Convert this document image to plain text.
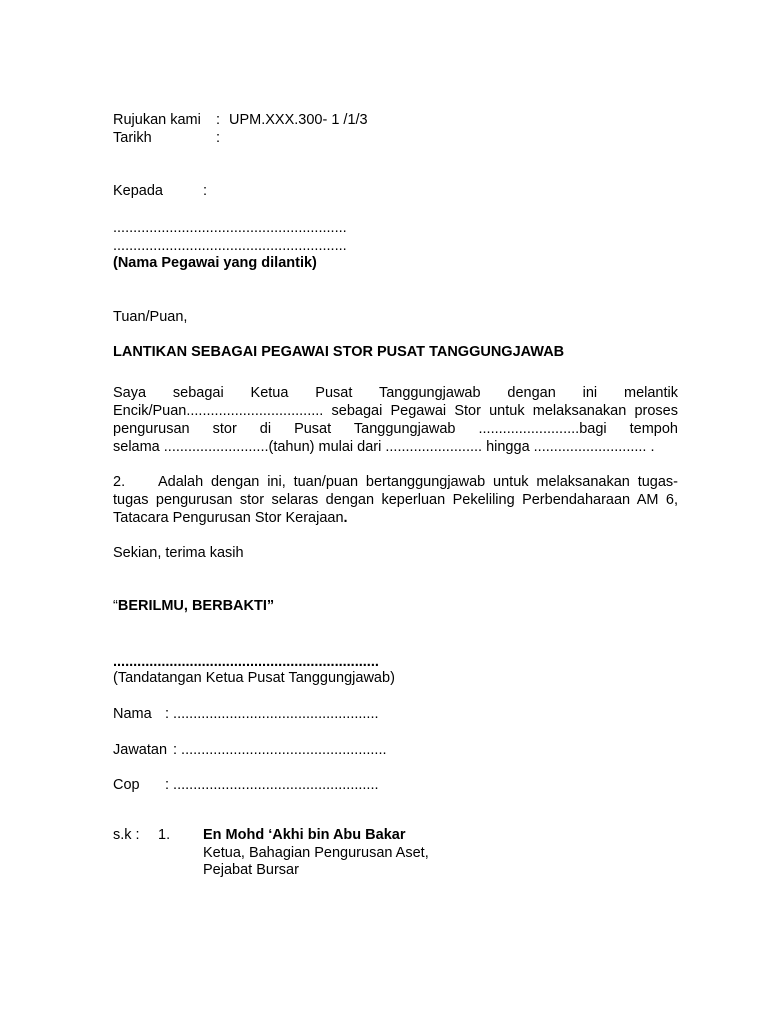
Rujukan kami : UPM.XXX.300- 1 /1/3
Tarikh	:
Kepada	:
..........................................................
..........................................................
(Nama Pegawai yang dilantik)
Tuan/Puan,
LANTIKAN SEBAGAI PEGAWAI STOR PUSAT TANGGUNGJAWAB
Saya sebagai Ketua Pusat Tanggungjawab dengan ini melantik
Encik/Puan.................................. sebagai Pegawai Stor untuk melaksanakan proses
pengurusan stor di Pusat Tanggungjawab .........................bagi tempoh
selama ..........................(tahun) mulai dari ........................ hingga ............................ .
2. Adalah dengan ini, tuan/puan bertanggungjawab untuk melaksanakan tugas-
tugas pengurusan stor selaras dengan keperluan Pekeliling Perbendaharaan AM 6,
Tatacara Pengurusan Stor Kerajaan.
Sekian, terima kasih
“BERILMU, BERBAKTI”
..................................................................
(Tandatangan Ketua Pusat Tanggungjawab)
Nama : ...................................................
Jawatan : ...................................................
Cop : ...................................................
s.k : 1. En Mohd ‘Akhi bin Abu Bakar
Ketua, Bahagian Pengurusan Aset,
Pejabat Bursar
